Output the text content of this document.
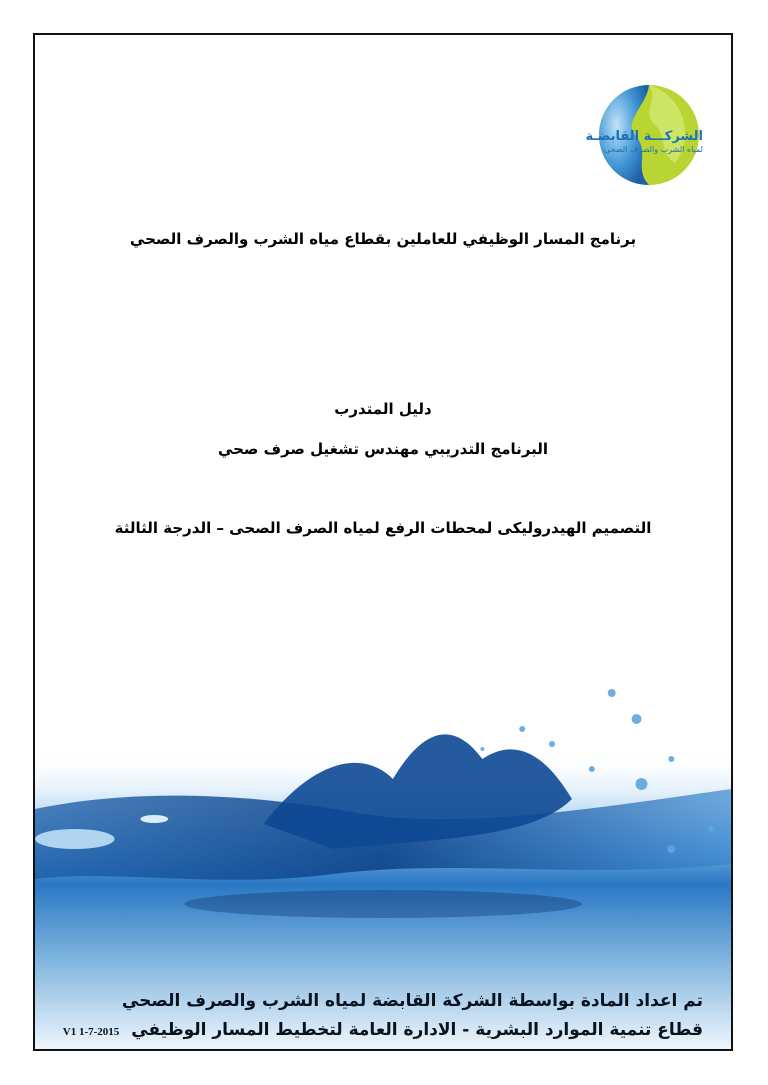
الشركـــة القابضـة
لمياه الشرب والصرف الصحى
برنامج المسار الوظيفي للعاملين بقطاع مياه الشرب والصرف الصحي
دليل المتدرب
البرنامج التدريبي مهندس تشغيل صرف صحي
التصميم الهيدروليكى لمحطات الرفع لمياه الصرف الصحى – الدرجة الثالثة
تم اعداد المادة بواسطة الشركة القابضة لمياه الشرب والصرف الصحي
قطاع تنمية الموارد البشرية - الادارة العامة لتخطيط المسار الوظيفي V1 1-7-2015
